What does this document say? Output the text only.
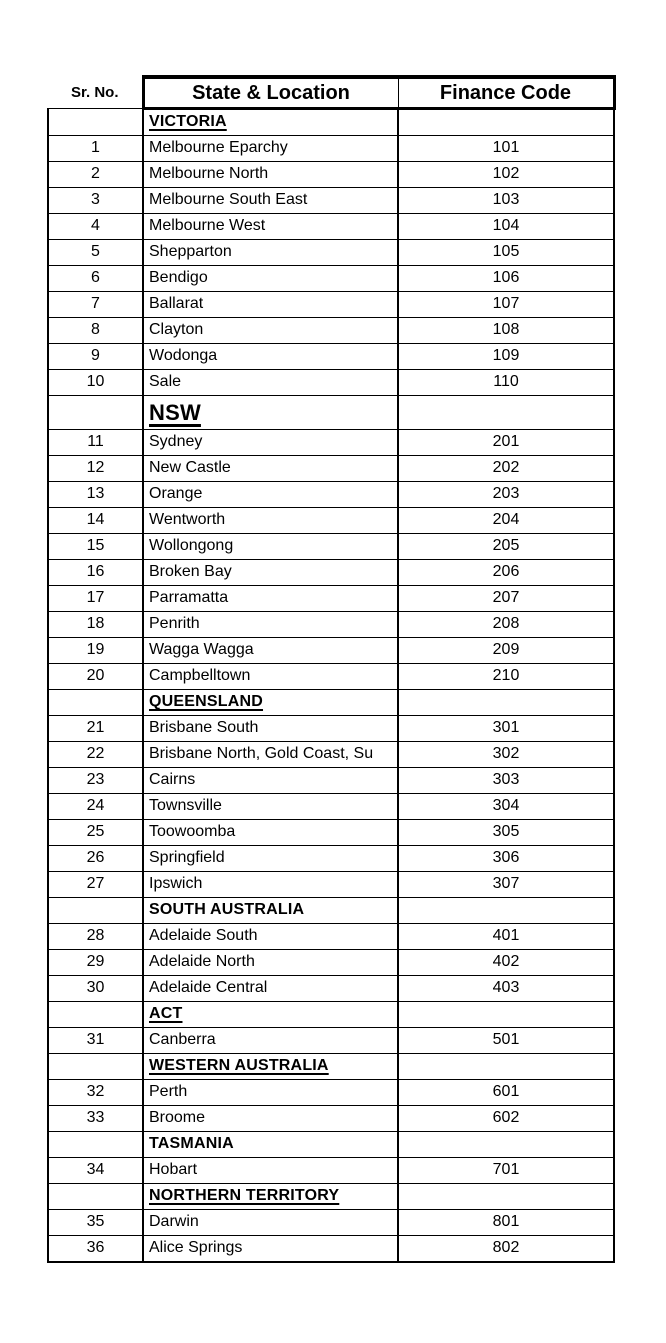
Sr. No.	State & Location	Finance Code
	VICTORIA	
1	Melbourne Eparchy	101
2	Melbourne North	102
3	Melbourne South East	103
4	Melbourne West	104
5	Shepparton	105
6	Bendigo	106
7	Ballarat	107
8	Clayton	108
9	Wodonga	109
10	Sale	110
	NSW	
11	Sydney	201
12	New Castle	202
13	Orange	203
14	Wentworth	204
15	Wollongong	205
16	Broken Bay	206
17	Parramatta	207
18	Penrith	208
19	Wagga Wagga	209
20	Campbelltown	210
	QUEENSLAND	
21	Brisbane South	301
22	Brisbane North, Gold Coast, Su	302
23	Cairns	303
24	Townsville	304
25	Toowoomba	305
26	Springfield	306
27	Ipswich	307
	SOUTH AUSTRALIA	
28	Adelaide South	401
29	Adelaide North	402
30	Adelaide Central	403
	ACT	
31	Canberra	501
	WESTERN AUSTRALIA	
32	Perth	601
33	Broome	602
	TASMANIA	
34	Hobart	701
	NORTHERN TERRITORY	
35	Darwin	801
36	Alice Springs	802
